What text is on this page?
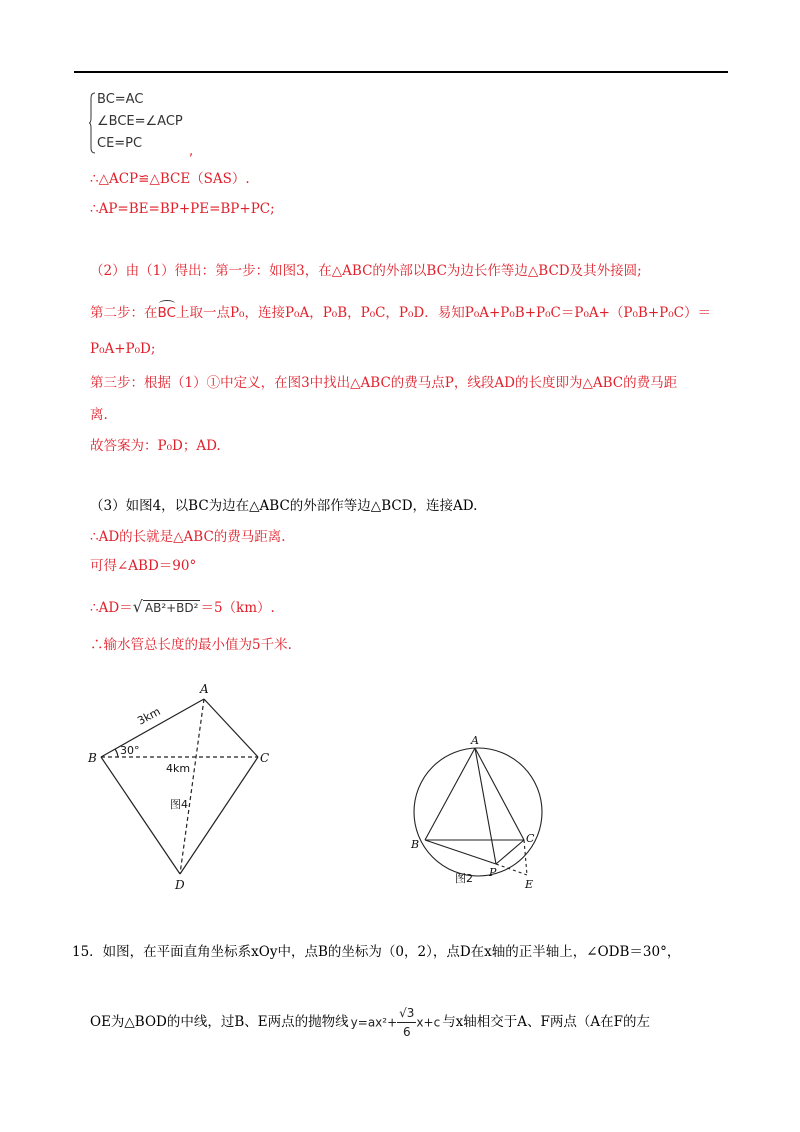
BC=AC
∠BCE=∠ACP
CE=PC
,
∴△ACP≌△BCE（SAS）.
∴AP=BE=BP+PE=BP+PC;
（2）由（1）得出：第一步：如图3，在△ABC的外部以BC为边长作等边△BCD及其外接圆;
第二步：在BC上取一点P₀，连接P₀A，P₀B，P₀C，P₀D．易知P₀A+P₀B+P₀C＝P₀A+（P₀B+P₀C）＝
P₀A+P₀D;
第三步：根据（1）①中定义，在图3中找出△ABC的费马点P，线段AD的长度即为△ABC的费马距
离.
故答案为：P₀D；AD.
（3）如图4，以BC为边在△ABC的外部作等边△BCD，连接AD.
∴AD的长就是△ABC的费马距离.
可得∠ABD＝90°
∴AD＝√ AB²+BD² ＝5（km）.
∴输水管总长度的最小值为5千米.
A
B	C
D
3km
30°
4km
图4
A
B	C
P
E
图2
15．如图，在平面直角坐标系xOy中，点B的坐标为（0，2），点D在x轴的正半轴上，∠ODB＝30°，
OE为△BOD的中线，过B、E两点的抛物线 $y=ax^2+ \frac{√3}{6} x+c$ 与x轴相交于A、F两点（A在F的左
